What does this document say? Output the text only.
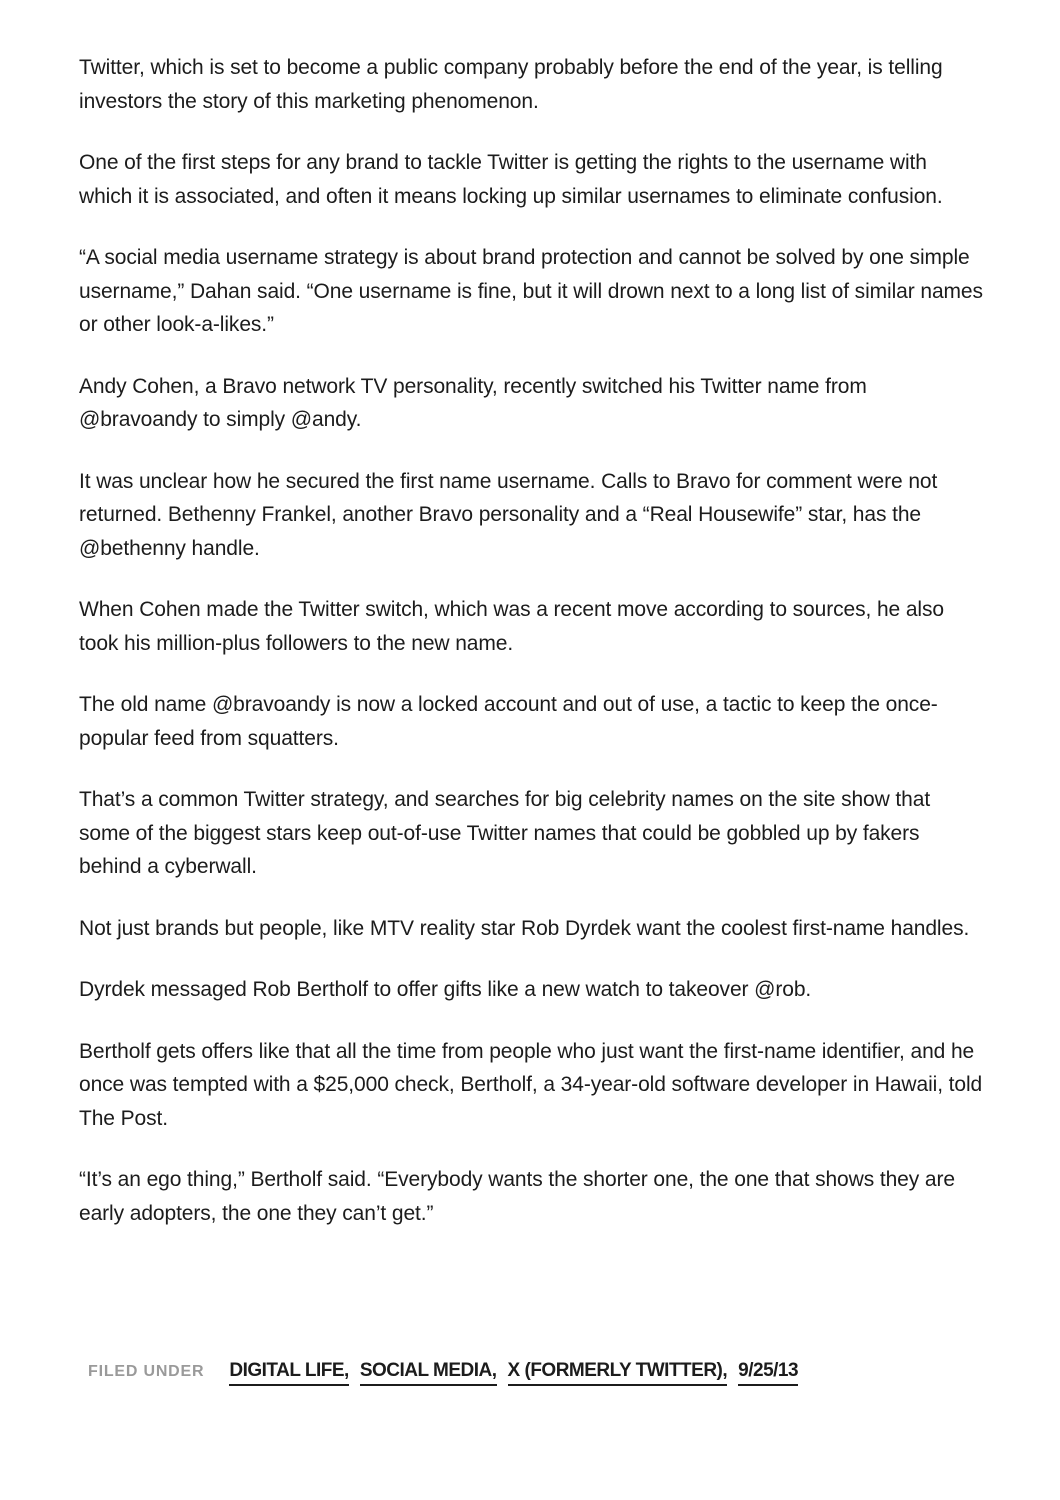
Twitter, which is set to become a public company probably before the end of the year, is telling investors the story of this marketing phenomenon.

One of the first steps for any brand to tackle Twitter is getting the rights to the username with which it is associated, and often it means locking up similar usernames to eliminate confusion.

“A social media username strategy is about brand protection and cannot be solved by one simple username,” Dahan said. “One username is fine, but it will drown next to a long list of similar names or other look-a-likes.”

Andy Cohen, a Bravo network TV personality, recently switched his Twitter name from @bravoandy to simply @andy.

It was unclear how he secured the first name username. Calls to Bravo for comment were not returned. Bethenny Frankel, another Bravo personality and a “Real Housewife” star, has the @bethenny handle.

When Cohen made the Twitter switch, which was a recent move according to sources, he also took his million-plus followers to the new name.

The old name @bravoandy is now a locked account and out of use, a tactic to keep the once-popular feed from squatters.

That’s a common Twitter strategy, and searches for big celebrity names on the site show that some of the biggest stars keep out-of-use Twitter names that could be gobbled up by fakers behind a cyberwall.

Not just brands but people, like MTV reality star Rob Dyrdek want the coolest first-name handles.

Dyrdek messaged Rob Bertholf to offer gifts like a new watch to takeover @rob.

Bertholf gets offers like that all the time from people who just want the first-name identifier, and he once was tempted with a $25,000 check, Bertholf, a 34-year-old software developer in Hawaii, told The Post.

“It’s an ego thing,” Bertholf said. “Everybody wants the shorter one, the one that shows they are early adopters, the one they can’t get.”

FILED UNDER DIGITAL LIFE, SOCIAL MEDIA, X (FORMERLY TWITTER), 9/25/13
